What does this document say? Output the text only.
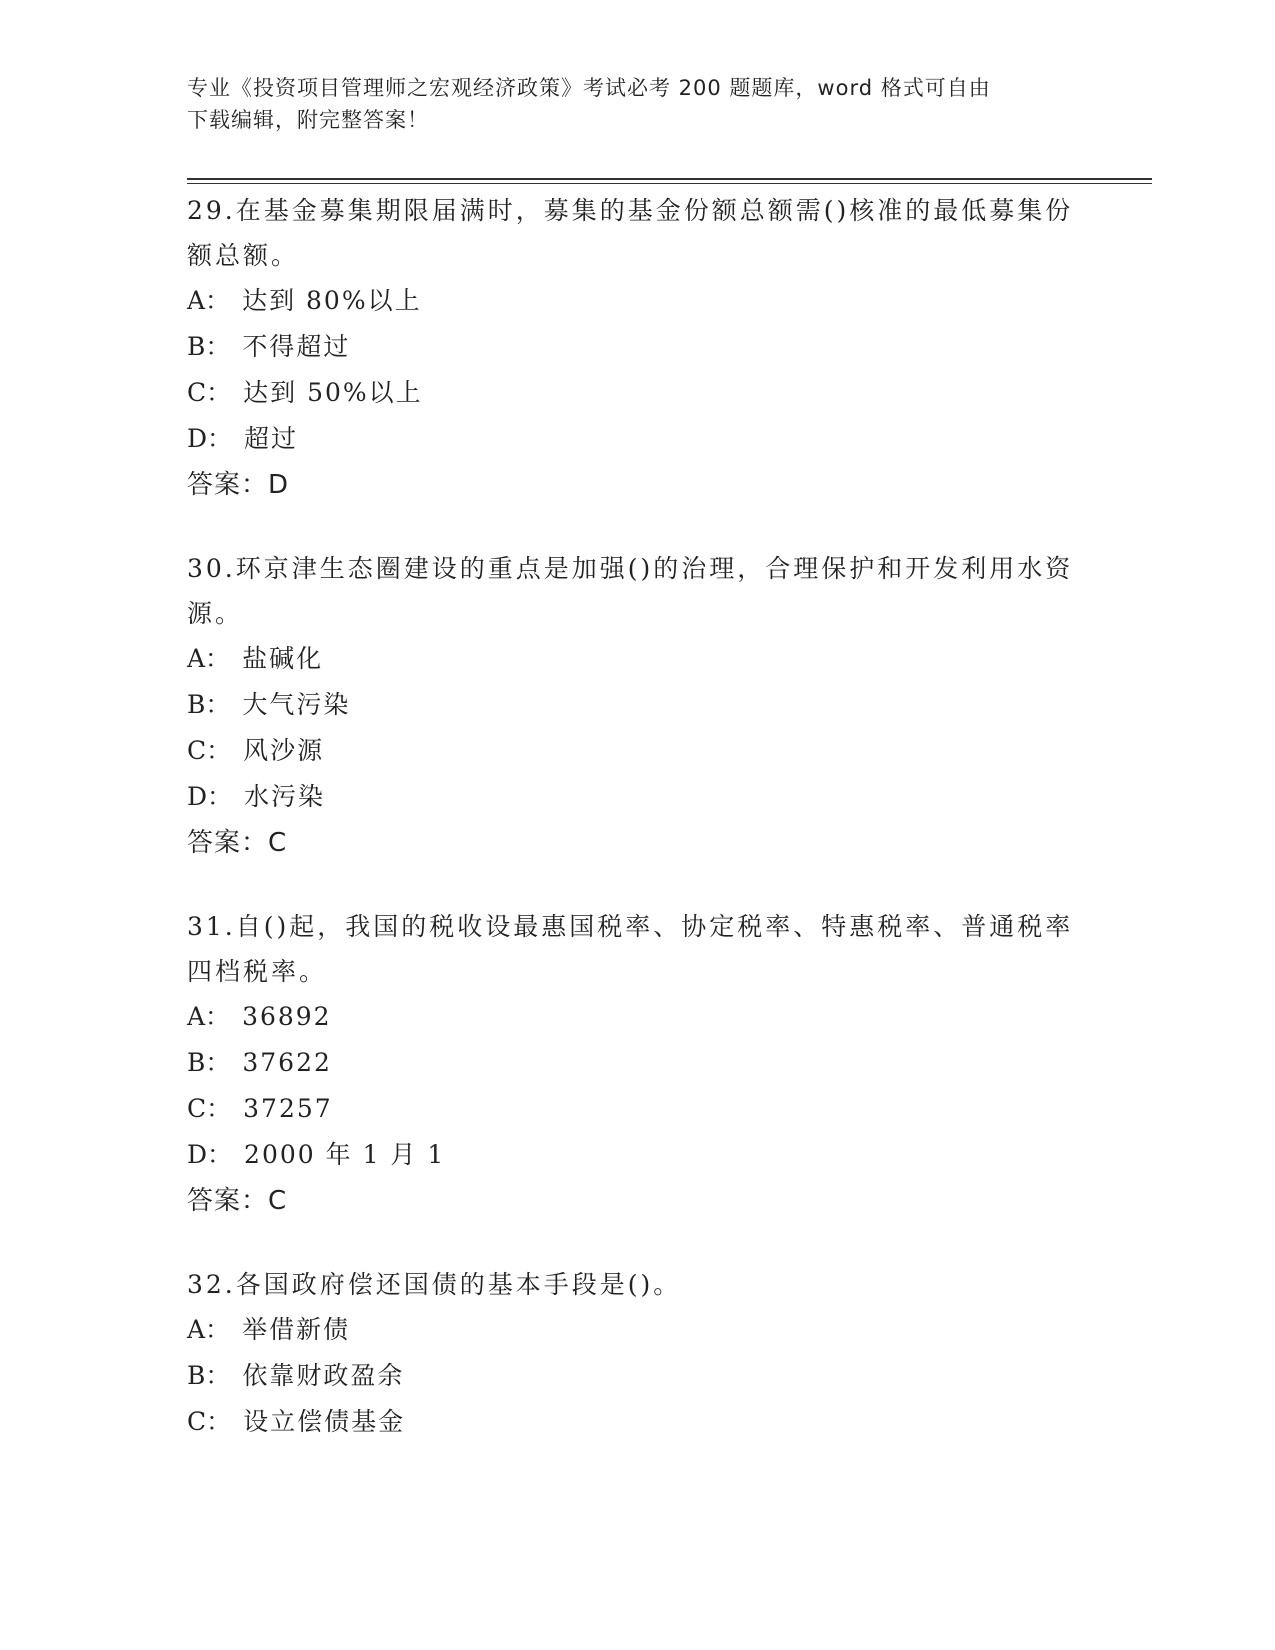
专业《投资项目管理师之宏观经济政策》考试必考 200 题题库，word 格式可自由
下载编辑，附完整答案！
29.在基金募集期限届满时，募集的基金份额总额需()核准的最低募集份额总额。
A： 达到 80%以上
B： 不得超过
C： 达到 50%以上
D： 超过
答案：D
30.环京津生态圈建设的重点是加强()的治理，合理保护和开发利用水资源。
A： 盐碱化
B： 大气污染
C： 风沙源
D： 水污染
答案：C
31.自()起，我国的税收设最惠国税率、协定税率、特惠税率、普通税率四档税率。
A： 36892
B： 37622
C： 37257
D： 2000 年 1 月 1
答案：C
32.各国政府偿还国债的基本手段是()。
A： 举借新债
B： 依靠财政盈余
C： 设立偿债基金
